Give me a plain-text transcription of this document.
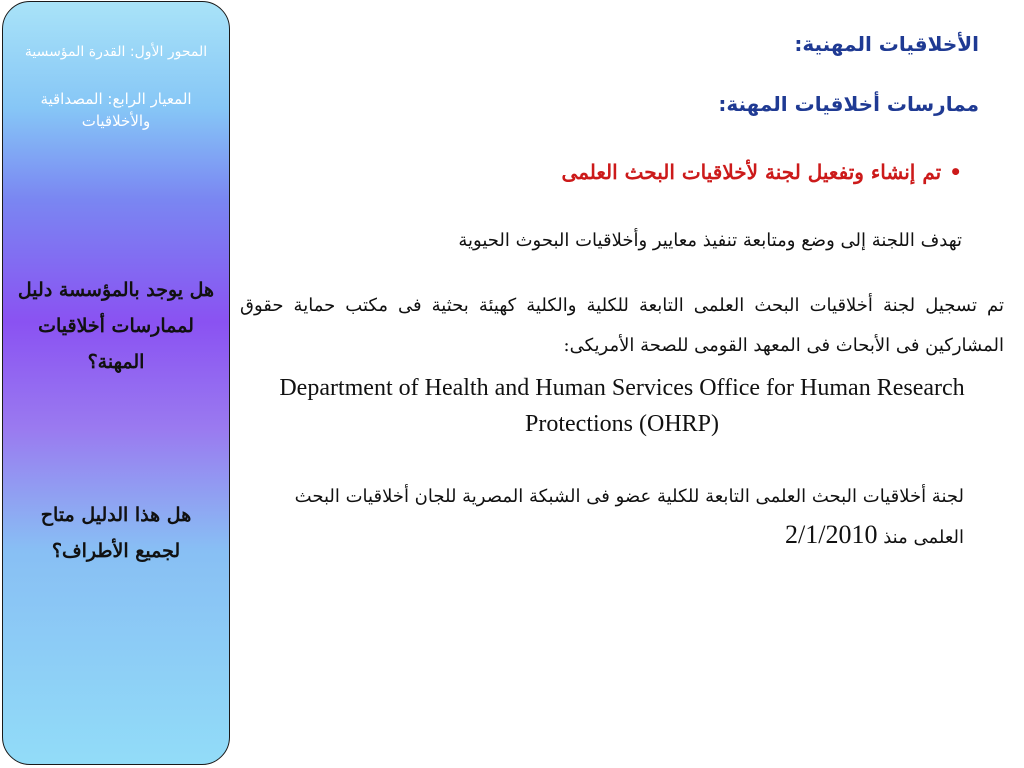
المحور الأول: القدرة المؤسسية
المعيار الرابع: المصداقية والأخلاقيات
هل يوجد بالمؤسسة دليل لممارسات أخلاقيات المهنة؟
هل هذا الدليل متاح لجميع الأطراف؟
الأخلاقيات المهنية:
ممارسات أخلاقيات المهنة:
•تم إنشاء وتفعيل لجنة لأخلاقيات البحث العلمى
تهدف اللجنة إلى وضع ومتابعة تنفيذ معايير وأخلاقيات البحوث الحيوية
تم تسجيل لجنة أخلاقيات البحث العلمى التابعة للكلية والكلية كهيئة بحثية فى مكتب حماية حقوق المشاركين فى الأبحاث فى المعهد القومى للصحة الأمريكى:
Department of Health and Human Services Office for Human Research Protections (OHRP)
لجنة أخلاقيات البحث العلمى التابعة للكلية عضو فى الشبكة المصرية للجان أخلاقيات البحث العلمى منذ 2/1/2010
